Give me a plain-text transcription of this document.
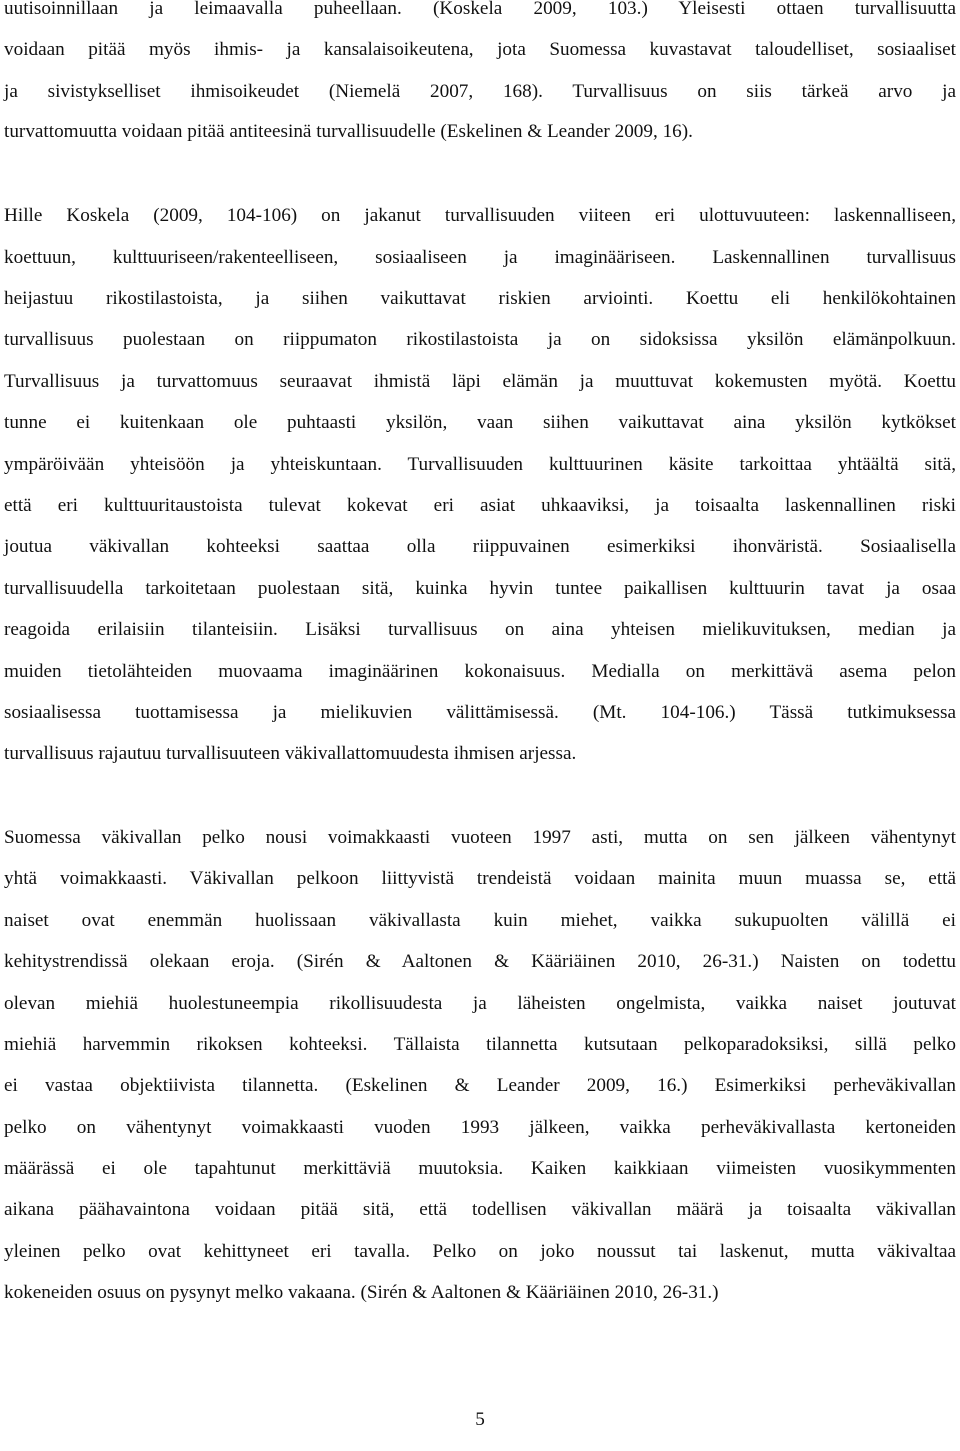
uutisoinnillaan ja leimaavalla puheellaan. (Koskela 2009, 103.) Yleisesti ottaen turvallisuutta
voidaan pitää myös ihmis- ja kansalaisoikeutena, jota Suomessa kuvastavat taloudelliset, sosiaaliset
ja sivistykselliset ihmisoikeudet (Niemelä 2007, 168). Turvallisuus on siis tärkeä arvo ja
turvattomuutta voidaan pitää antiteesinä turvallisuudelle (Eskelinen & Leander 2009, 16).
Hille Koskela (2009, 104-106) on jakanut turvallisuuden viiteen eri ulottuvuuteen: laskennalliseen,
koettuun, kulttuuriseen/rakenteelliseen, sosiaaliseen ja imaginääriseen. Laskennallinen turvallisuus
heijastuu rikostilastoista, ja siihen vaikuttavat riskien arviointi. Koettu eli henkilökohtainen
turvallisuus puolestaan on riippumaton rikostilastoista ja on sidoksissa yksilön elämänpolkuun.
Turvallisuus ja turvattomuus seuraavat ihmistä läpi elämän ja muuttuvat kokemusten myötä. Koettu
tunne ei kuitenkaan ole puhtaasti yksilön, vaan siihen vaikuttavat aina yksilön kytkökset
ympäröivään yhteisöön ja yhteiskuntaan. Turvallisuuden kulttuurinen käsite tarkoittaa yhtäältä sitä,
että eri kulttuuritaustoista tulevat kokevat eri asiat uhkaaviksi, ja toisaalta laskennallinen riski
joutua väkivallan kohteeksi saattaa olla riippuvainen esimerkiksi ihonväristä. Sosiaalisella
turvallisuudella tarkoitetaan puolestaan sitä, kuinka hyvin tuntee paikallisen kulttuurin tavat ja osaa
reagoida erilaisiin tilanteisiin. Lisäksi turvallisuus on aina yhteisen mielikuvituksen, median ja
muiden tietolähteiden muovaama imaginäärinen kokonaisuus. Medialla on merkittävä asema pelon
sosiaalisessa tuottamisessa ja mielikuvien välittämisessä. (Mt. 104-106.) Tässä tutkimuksessa
turvallisuus rajautuu turvallisuuteen väkivallattomuudesta ihmisen arjessa.
Suomessa väkivallan pelko nousi voimakkaasti vuoteen 1997 asti, mutta on sen jälkeen vähentynyt
yhtä voimakkaasti. Väkivallan pelkoon liittyvistä trendeistä voidaan mainita muun muassa se, että
naiset ovat enemmän huolissaan väkivallasta kuin miehet, vaikka sukupuolten välillä ei
kehitystrendissä olekaan eroja. (Sirén & Aaltonen & Kääriäinen 2010, 26-31.) Naisten on todettu
olevan miehiä huolestuneempia rikollisuudesta ja läheisten ongelmista, vaikka naiset joutuvat
miehiä harvemmin rikoksen kohteeksi. Tällaista tilannetta kutsutaan pelkoparadoksiksi, sillä pelko
ei vastaa objektiivista tilannetta. (Eskelinen & Leander 2009, 16.) Esimerkiksi perheväkivallan
pelko on vähentynyt voimakkaasti vuoden 1993 jälkeen, vaikka perheväkivallasta kertoneiden
määrässä ei ole tapahtunut merkittäviä muutoksia. Kaiken kaikkiaan viimeisten vuosikymmenten
aikana päähavaintona voidaan pitää sitä, että todellisen väkivallan määrä ja toisaalta väkivallan
yleinen pelko ovat kehittyneet eri tavalla. Pelko on joko noussut tai laskenut, mutta väkivaltaa
kokeneiden osuus on pysynyt melko vakaana. (Sirén & Aaltonen & Kääriäinen 2010, 26-31.)
5
